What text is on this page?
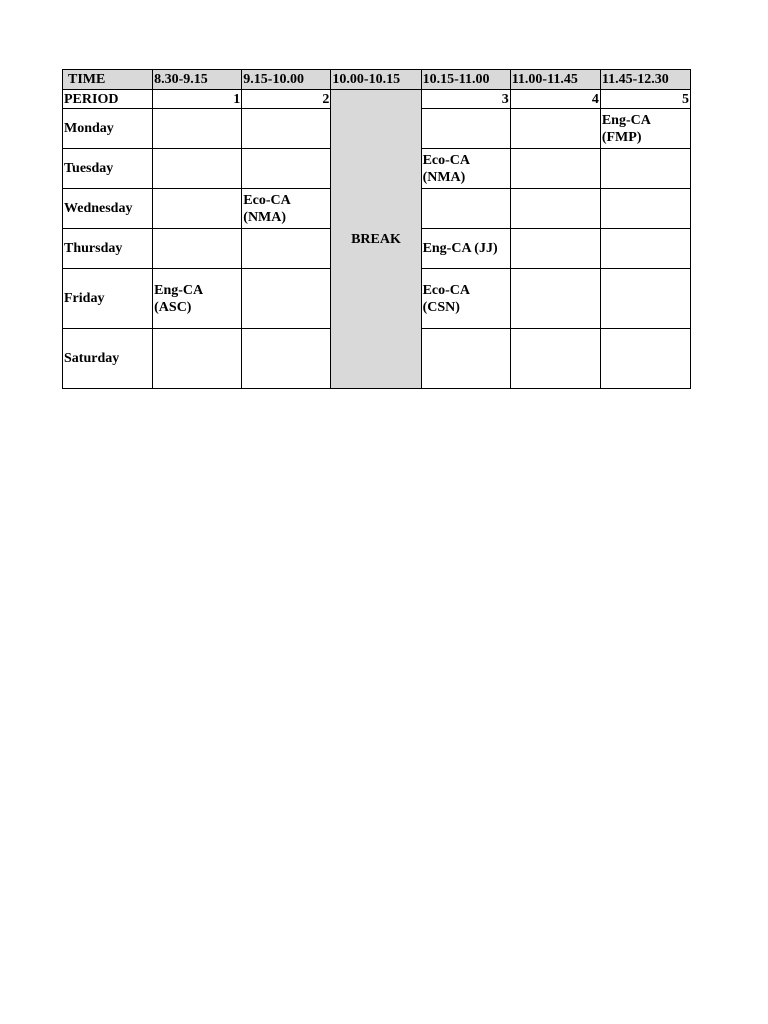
TIME	8.30-9.15	9.15-10.00	10.00-10.15	10.15-11.00	11.00-11.45	11.45-12.30
PERIOD	1	2	BREAK	3	4	5
Monday						Eng-CA (FMP)
Tuesday				Eco-CA (NMA)		
Wednesday		Eco-CA (NMA)				
Thursday				Eng-CA (JJ)		
Friday	Eng-CA (ASC)			Eco-CA (CSN)		
Saturday						
